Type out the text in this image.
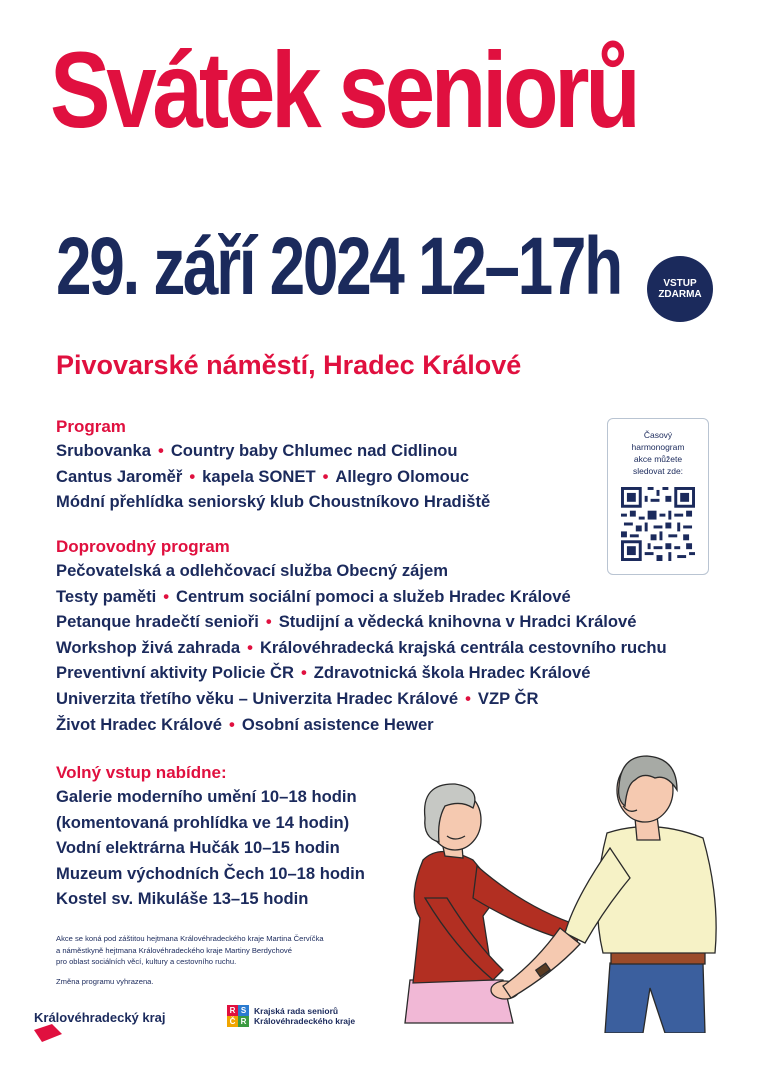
Svátek seniorů
29. září 2024 12–17h	VSTUP
ZDARMA
Pivovarské náměstí, Hradec Králové
Program
Srubovanka • Country baby Chlumec nad Cidlinou
Cantus Jaroměř • kapela SONET • Allegro Olomouc
Módní přehlídka seniorský klub Choustníkovo Hradiště
Doprovodný program
Pečovatelská a odlehčovací služba Obecný zájem
Testy paměti • Centrum sociální pomoci a služeb Hradec Králové
Petanque hradečtí senioři • Studijní a vědecká knihovna v Hradci Králové
Workshop živá zahrada • Královéhradecká krajská centrála cestovního ruchu
Preventivní aktivity Policie ČR • Zdravotnická škola Hradec Králové
Univerzita třetího věku – Univerzita Hradec Králové • VZP ČR
Život Hradec Králové • Osobní asistence Hewer
Volný vstup nabídne:
Galerie moderního umění 10–18 hodin
(komentovaná prohlídka ve 14 hodin)
Vodní elektrárna Hučák 10–15 hodin
Muzeum východních Čech 10–18 hodin
Kostel sv. Mikuláše 13–15 hodin
Časový
harmonogram
akce můžete
sledovat zde:
Akce se koná pod záštitou hejtmana Královéhradeckého kraje Martina Červíčka
a náměstkyně hejtmana Královéhradeckého kraje Martiny Berdychové
pro oblast sociálních věcí, kultury a cestovního ruchu.
Změna programu vyhrazena.
Královéhradecký kraj	R S
Č R
Krajská rada seniorů
Královéhradeckého kraje
